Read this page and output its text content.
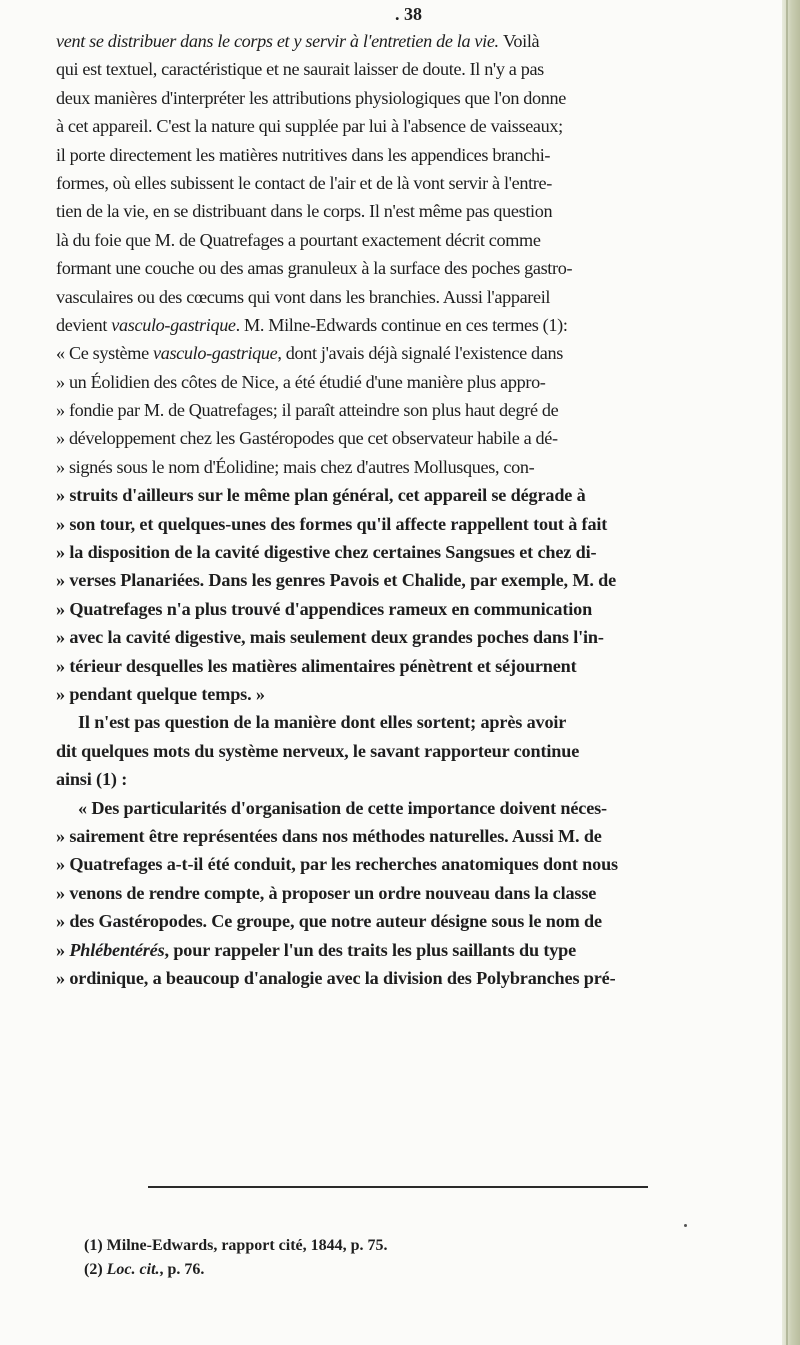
. 38
vent se distribuer dans le corps et y servir à l'entretien de la vie. Voilà
qui est textuel, caractéristique et ne saurait laisser de doute. Il n'y a pas
deux manières d'interpréter les attributions physiologiques que l'on donne
à cet appareil. C'est la nature qui supplée par lui à l'absence de vaisseaux;
il porte directement les matières nutritives dans les appendices branchi-
formes, où elles subissent le contact de l'air et de là vont servir à l'entre-
tien de la vie, en se distribuant dans le corps. Il n'est même pas question
là du foie que M. de Quatrefages a pourtant exactement décrit comme
formant une couche ou des amas granuleux à la surface des poches gastro-
vasculaires ou des cœcums qui vont dans les branchies. Aussi l'appareil
devient vasculo-gastrique. M. Milne-Edwards continue en ces termes (1):
« Ce système vasculo-gastrique, dont j'avais déjà signalé l'existence dans
» un Éolidien des côtes de Nice, a été étudié d'une manière plus appro-
» fondie par M. de Quatrefages; il paraît atteindre son plus haut degré de
» développement chez les Gastéropodes que cet observateur habile a dé-
» signés sous le nom d'Éolidine; mais chez d'autres Mollusques, con-
» struits d'ailleurs sur le même plan général, cet appareil se dégrade à
» son tour, et quelques-unes des formes qu'il affecte rappellent tout à fait
» la disposition de la cavité digestive chez certaines Sangsues et chez di-
» verses Planariées. Dans les genres Pavois et Chalide, par exemple, M. de
» Quatrefages n'a plus trouvé d'appendices rameux en communication
» avec la cavité digestive, mais seulement deux grandes poches dans l'in-
» térieur desquelles les matières alimentaires pénètrent et séjournent
» pendant quelque temps. »
Il n'est pas question de la manière dont elles sortent; après avoir
dit quelques mots du système nerveux, le savant rapporteur continue
ainsi (1) :
« Des particularités d'organisation de cette importance doivent néces-
» sairement être représentées dans nos méthodes naturelles. Aussi M. de
» Quatrefages a-t-il été conduit, par les recherches anatomiques dont nous
» venons de rendre compte, à proposer un ordre nouveau dans la classe
» des Gastéropodes. Ce groupe, que notre auteur désigne sous le nom de
» Phlébentérés, pour rappeler l'un des traits les plus saillants du type
» ordinique, a beaucoup d'analogie avec la division des Polybranches pré-
(1) Milne-Edwards, rapport cité, 1844, p. 75.
(2) Loc. cit., p. 76.
